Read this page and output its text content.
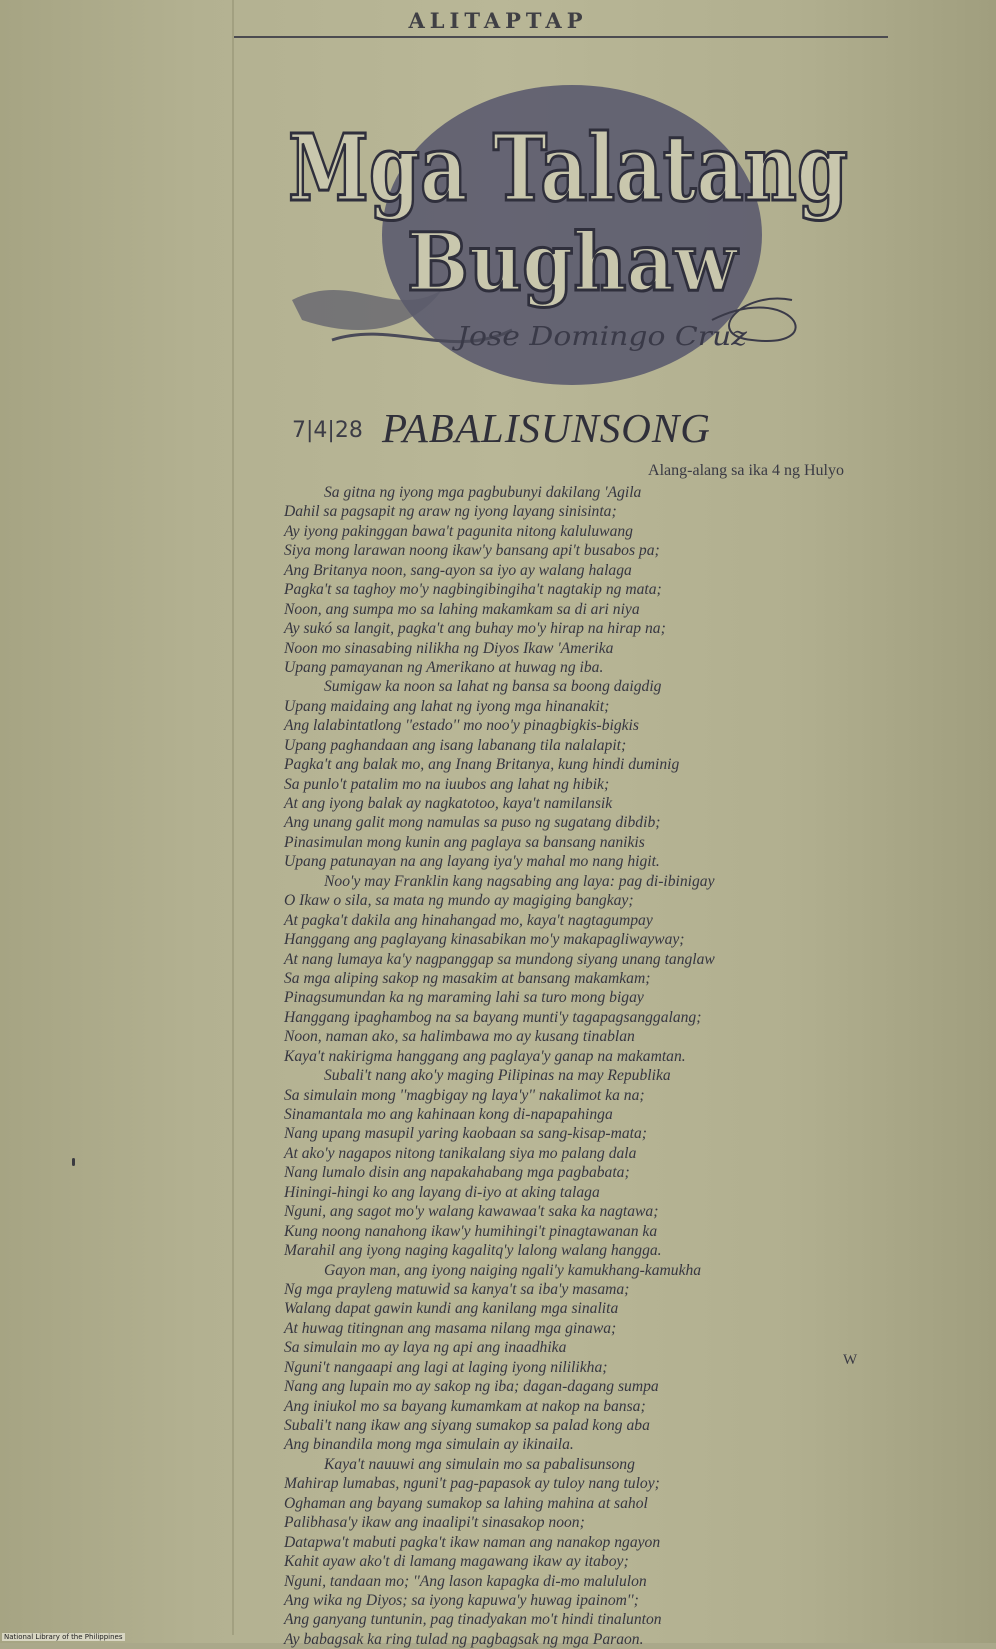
ALITAPTAP
Mga Talatang
Bughaw
Jose Domingo Cruz
7|4|28 PABALISUNSONG
Alang-alang sa ika 4 ng Hulyo
Sa gitna ng iyong mga pagbubunyi dakilang 'Agila
Dahil sa pagsapit ng araw ng iyong layang sinisinta;
Ay iyong pakinggan bawa't pagunita nitong kaluluwang
Siya mong larawan noong ikaw'y bansang api't busabos pa;
Ang Britanya noon, sang-ayon sa iyo ay walang halaga
Pagka't sa taghoy mo'y nagbingibingiha't nagtakip ng mata;
Noon, ang sumpa mo sa lahing makamkam sa di ari niya
Ay sukó sa langit, pagka't ang buhay mo'y hirap na hirap na;
Noon mo sinasabing nilikha ng Diyos Ikaw 'Amerika
Upang pamayanan ng Amerikano at huwag ng iba.
Sumigaw ka noon sa lahat ng bansa sa boong daigdig
Upang maidaing ang lahat ng iyong mga hinanakit;
Ang lalabintatlong ''estado'' mo noo'y pinagbigkis-bigkis
Upang paghandaan ang isang labanang tila nalalapit;
Pagka't ang balak mo, ang Inang Britanya, kung hindi duminig
Sa punlo't patalim mo na iuubos ang lahat ng hibik;
At ang iyong balak ay nagkatotoo, kaya't namilansik
Ang unang galit mong namulas sa puso ng sugatang dibdib;
Pinasimulan mong kunin ang paglaya sa bansang nanikis
Upang patunayan na ang layang iya'y mahal mo nang higit.
Noo'y may Franklin kang nagsabing ang laya: pag di-ibinigay
O Ikaw o sila, sa mata ng mundo ay magiging bangkay;
At pagka't dakila ang hinahangad mo, kaya't nagtagumpay
Hanggang ang paglayang kinasabikan mo'y makapagliwayway;
At nang lumaya ka'y nagpanggap sa mundong siyang unang tanglaw
Sa mga aliping sakop ng masakim at bansang makamkam;
Pinagsumundan ka ng maraming lahi sa turo mong bigay
Hanggang ipaghambog na sa bayang munti'y tagapagsanggalang;
Noon, naman ako, sa halimbawa mo ay kusang tinablan
Kaya't nakirigma hanggang ang paglaya'y ganap na makamtan.
Subali't nang ako'y maging Pilipinas na may Republika
Sa simulain mong ''magbigay ng laya'y'' nakalimot ka na;
Sinamantala mo ang kahinaan kong di-napapahinga
Nang upang masupil yaring kaobaan sa sang-kisap-mata;
At ako'y nagapos nitong tanikalang siya mo palang dala
Nang lumalo disin ang napakahabang mga pagbabata;
Hiningi-hingi ko ang layang di-iyo at aking talaga
Nguni, ang sagot mo'y walang kawawaa't saka ka nagtawa;
Kung noong nanahong ikaw'y humihingi't pinagtawanan ka
Marahil ang iyong naging kagalitq'y lalong walang hangga.
Gayon man, ang iyong naiging ngali'y kamukhang-kamukha
Ng mga prayleng matuwid sa kanya't sa iba'y masama;
Walang dapat gawin kundi ang kanilang mga sinalita
At huwag titingnan ang masama nilang mga ginawa;
Sa simulain mo ay laya ng api ang inaadhika
Nguni't nangaapi ang lagi at laging iyong nililikha;
Nang ang lupain mo ay sakop ng iba; dagan-dagang sumpa
Ang iniukol mo sa bayang kumamkam at nakop na bansa;
Subali't nang ikaw ang siyang sumakop sa palad kong aba
Ang binandila mong mga simulain ay ikinaila.
Kaya't nauuwi ang simulain mo sa pabalisunsong
Mahirap lumabas, nguni't pag-papasok ay tuloy nang tuloy;
Oghaman ang bayang sumakop sa lahing mahina at sahol
Palibhasa'y ikaw ang inaalipi't sinasakop noon;
Datapwa't mabuti pagka't ikaw naman ang nanakop ngayon
Kahit ayaw ako't di lamang magawang ikaw ay itaboy;
Nguni, tandaan mo; ''Ang lason kapagka di-mo malululon
Ang wika ng Diyos; sa iyong kapuwa'y huwag ipainom'';
Ang ganyang tuntunin, pag tinadyakan mo't hindi tinalunton
Ay babagsak ka ring tulad ng pagbagsak ng mga Paraon.
W
National Library of the Philippines
